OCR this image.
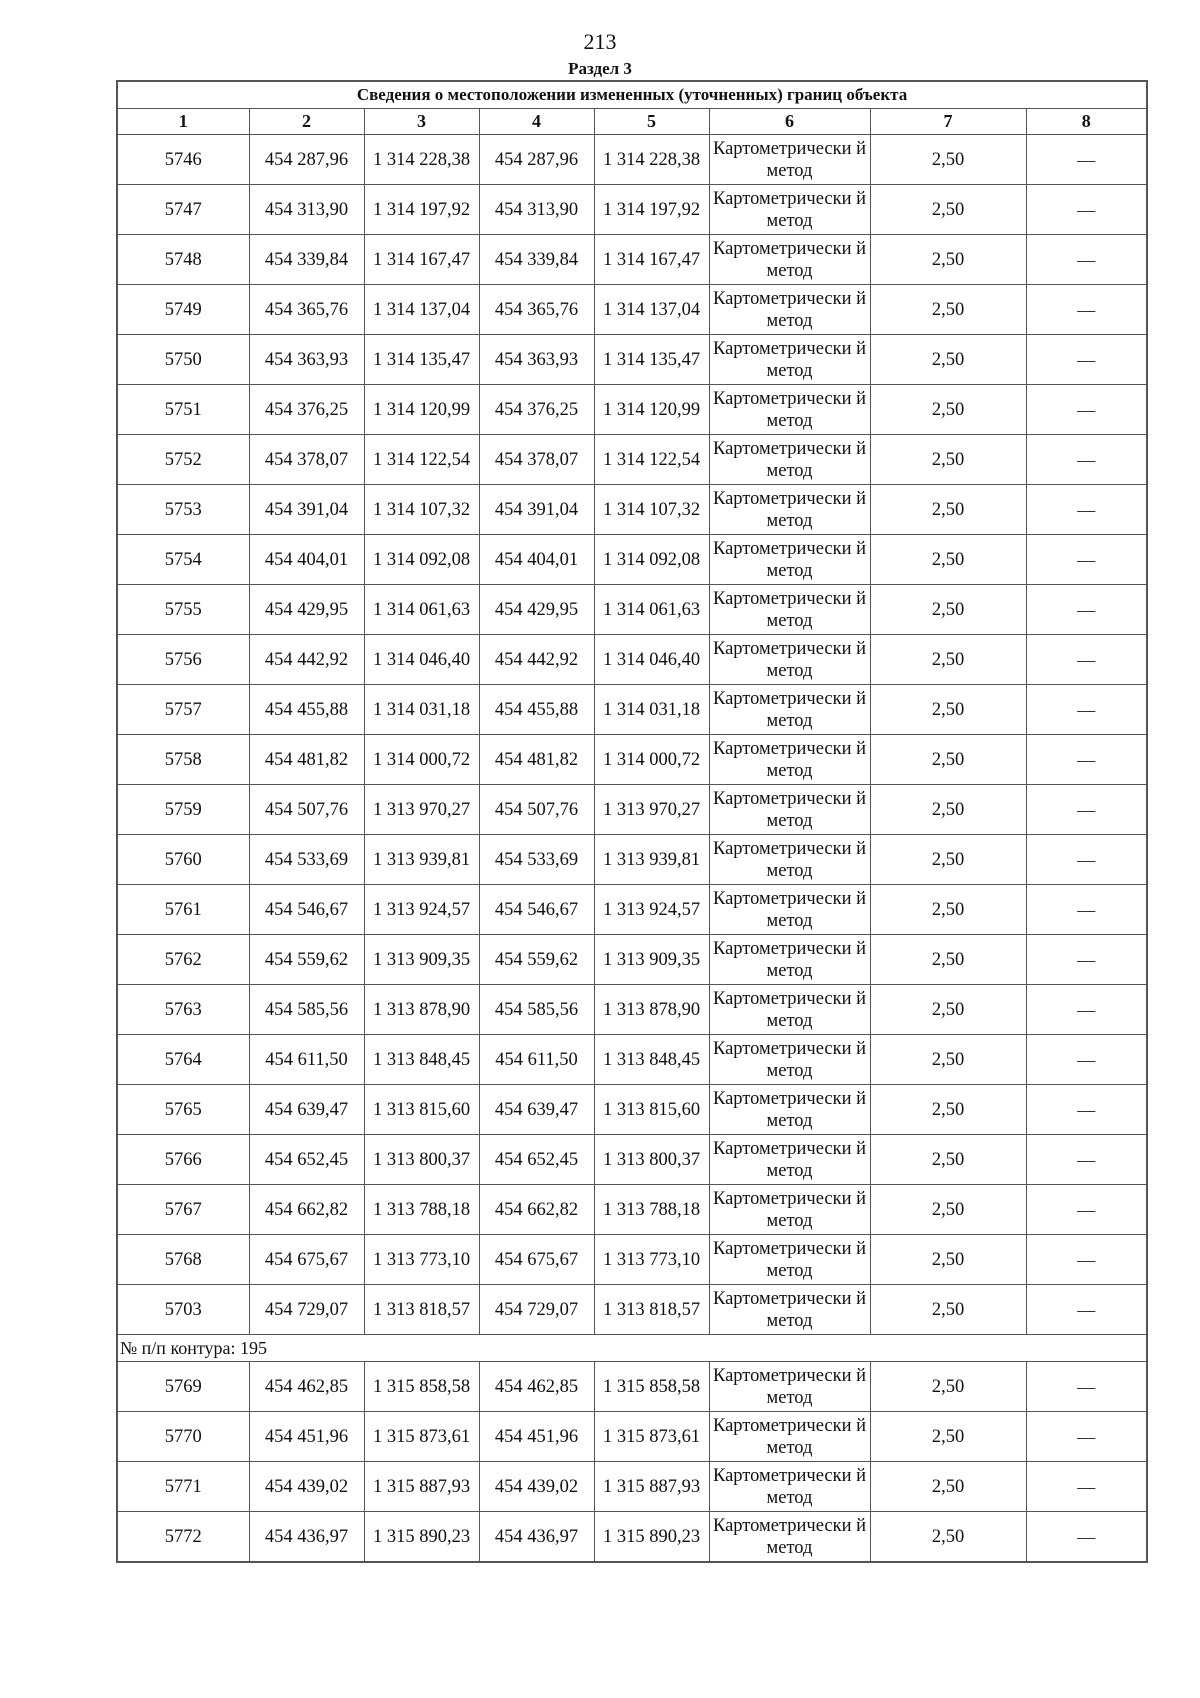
213
Раздел 3
Сведения о местоположении измененных (уточненных) границ объекта							
1	2	3	4	5	6	7	8
5746	454 287,96	1 314 228,38	454 287,96	1 314 228,38	Картометрически й метод	2,50	—
5747	454 313,90	1 314 197,92	454 313,90	1 314 197,92	Картометрически й метод	2,50	—
5748	454 339,84	1 314 167,47	454 339,84	1 314 167,47	Картометрически й метод	2,50	—
5749	454 365,76	1 314 137,04	454 365,76	1 314 137,04	Картометрически й метод	2,50	—
5750	454 363,93	1 314 135,47	454 363,93	1 314 135,47	Картометрически й метод	2,50	—
5751	454 376,25	1 314 120,99	454 376,25	1 314 120,99	Картометрически й метод	2,50	—
5752	454 378,07	1 314 122,54	454 378,07	1 314 122,54	Картометрически й метод	2,50	—
5753	454 391,04	1 314 107,32	454 391,04	1 314 107,32	Картометрически й метод	2,50	—
5754	454 404,01	1 314 092,08	454 404,01	1 314 092,08	Картометрически й метод	2,50	—
5755	454 429,95	1 314 061,63	454 429,95	1 314 061,63	Картометрически й метод	2,50	—
5756	454 442,92	1 314 046,40	454 442,92	1 314 046,40	Картометрически й метод	2,50	—
5757	454 455,88	1 314 031,18	454 455,88	1 314 031,18	Картометрически й метод	2,50	—
5758	454 481,82	1 314 000,72	454 481,82	1 314 000,72	Картометрически й метод	2,50	—
5759	454 507,76	1 313 970,27	454 507,76	1 313 970,27	Картометрически й метод	2,50	—
5760	454 533,69	1 313 939,81	454 533,69	1 313 939,81	Картометрически й метод	2,50	—
5761	454 546,67	1 313 924,57	454 546,67	1 313 924,57	Картометрически й метод	2,50	—
5762	454 559,62	1 313 909,35	454 559,62	1 313 909,35	Картометрически й метод	2,50	—
5763	454 585,56	1 313 878,90	454 585,56	1 313 878,90	Картометрически й метод	2,50	—
5764	454 611,50	1 313 848,45	454 611,50	1 313 848,45	Картометрически й метод	2,50	—
5765	454 639,47	1 313 815,60	454 639,47	1 313 815,60	Картометрически й метод	2,50	—
5766	454 652,45	1 313 800,37	454 652,45	1 313 800,37	Картометрически й метод	2,50	—
5767	454 662,82	1 313 788,18	454 662,82	1 313 788,18	Картометрически й метод	2,50	—
5768	454 675,67	1 313 773,10	454 675,67	1 313 773,10	Картометрически й метод	2,50	—
5703	454 729,07	1 313 818,57	454 729,07	1 313 818,57	Картометрически й метод	2,50	—
№ п/п контура: 195							
5769	454 462,85	1 315 858,58	454 462,85	1 315 858,58	Картометрически й метод	2,50	—
5770	454 451,96	1 315 873,61	454 451,96	1 315 873,61	Картометрически й метод	2,50	—
5771	454 439,02	1 315 887,93	454 439,02	1 315 887,93	Картометрически й метод	2,50	—
5772	454 436,97	1 315 890,23	454 436,97	1 315 890,23	Картометрически й метод	2,50	—
